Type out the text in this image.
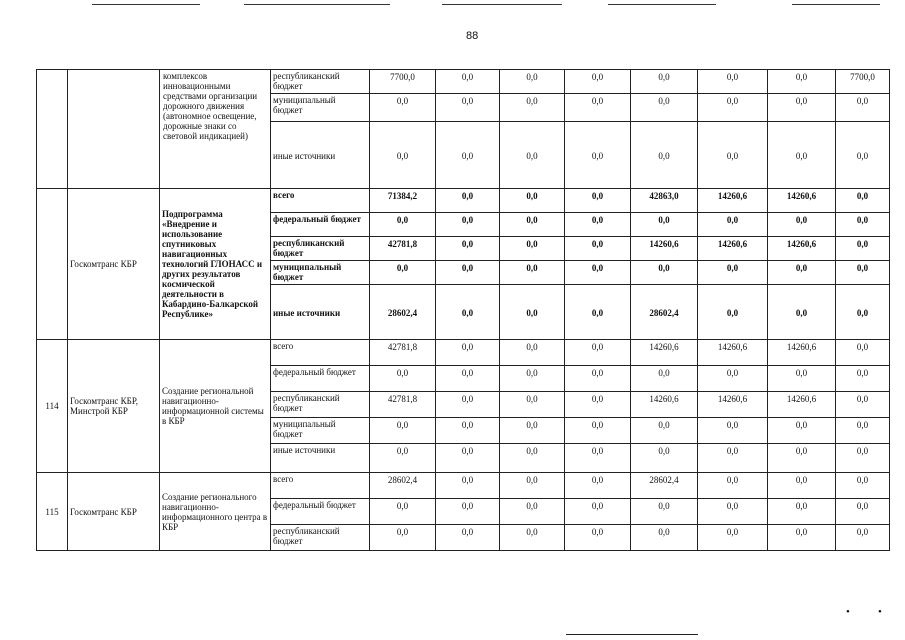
88
		комплексов инновационными средствами организации дорожного движения (автономное освещение, дорожные знаки со световой индикацией)	республиканский бюджет	7700,0	0,0	0,0	0,0	0,0	0,0	0,0	7700,0
			муниципальный бюджет	0,0	0,0	0,0	0,0	0,0	0,0	0,0	0,0
			иные источники	0,0	0,0	0,0	0,0	0,0	0,0	0,0	0,0
	Госкомтранс КБР	Подпрограмма «Внедрение и использование спутниковых навигационных технологий ГЛОНАСС и других результатов космической деятельности в Кабардино-Балкарской Республике»	всего	71384,2	0,0	0,0	0,0	42863,0	14260,6	14260,6	0,0
			федеральный бюджет	0,0	0,0	0,0	0,0	0,0	0,0	0,0	0,0
			республиканский бюджет	42781,8	0,0	0,0	0,0	14260,6	14260,6	14260,6	0,0
			муниципальный бюджет	0,0	0,0	0,0	0,0	0,0	0,0	0,0	0,0
			иные источники	28602,4	0,0	0,0	0,0	28602,4	0,0	0,0	0,0
114	Госкомтранс КБР, Минстрой КБР	Создание региональной навигационно-информационной системы в КБР	всего	42781,8	0,0	0,0	0,0	14260,6	14260,6	14260,6	0,0
			федеральный бюджет	0,0	0,0	0,0	0,0	0,0	0,0	0,0	0,0
			республиканский бюджет	42781,8	0,0	0,0	0,0	14260,6	14260,6	14260,6	0,0
			муниципальный бюджет	0,0	0,0	0,0	0,0	0,0	0,0	0,0	0,0
			иные источники	0,0	0,0	0,0	0,0	0,0	0,0	0,0	0,0
115	Госкомтранс КБР	Создание регионального навигационно-информационного центра в КБР	всего	28602,4	0,0	0,0	0,0	28602,4	0,0	0,0	0,0
			федеральный бюджет	0,0	0,0	0,0	0,0	0,0	0,0	0,0	0,0
			республиканский бюджет	0,0	0,0	0,0	0,0	0,0	0,0	0,0	0,0
•	•
